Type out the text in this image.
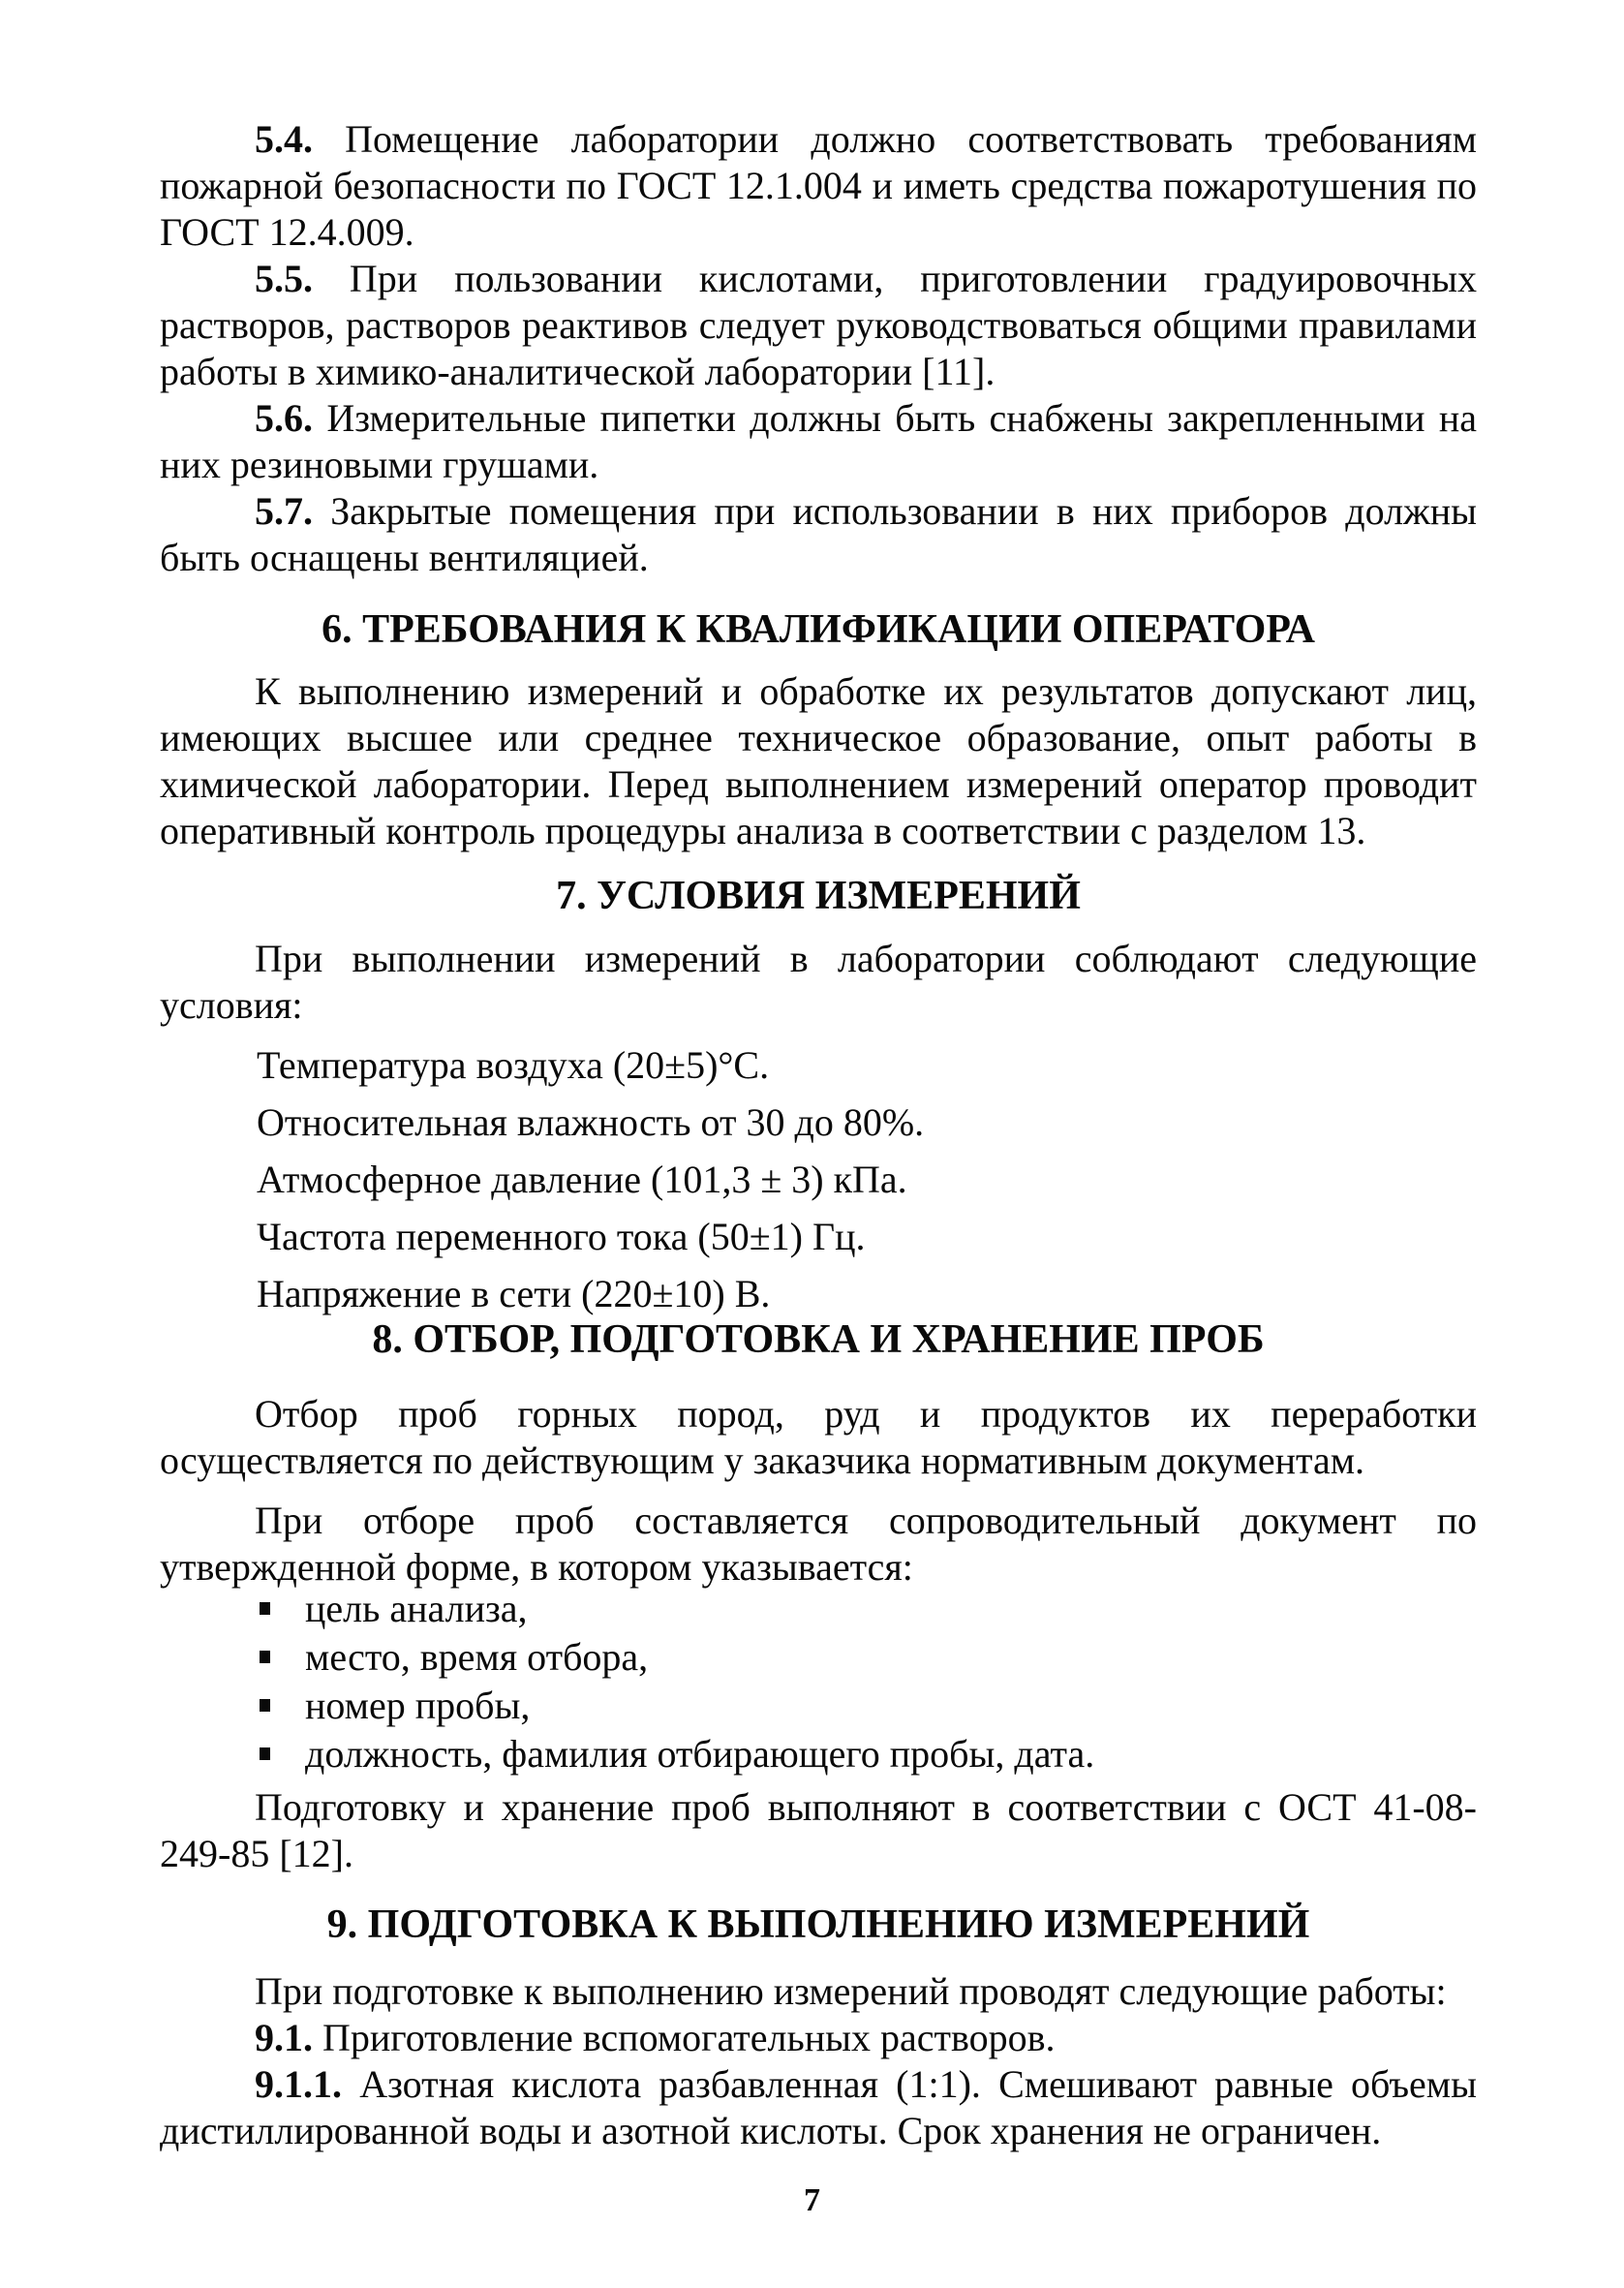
5.4. Помещение лаборатории должно соответствовать требованиям пожарной безопасности по ГОСТ 12.1.004 и иметь средства пожаротушения по ГОСТ 12.4.009.
5.5. При пользовании кислотами, приготовлении градуировочных растворов, растворов реактивов следует руководствоваться общими правилами работы в химико-аналитической лаборатории [11].
5.6. Измерительные пипетки должны быть снабжены закрепленными на них резиновыми грушами.
5.7. Закрытые помещения при использовании в них приборов должны быть оснащены вентиляцией.
6. ТРЕБОВАНИЯ К КВАЛИФИКАЦИИ ОПЕРАТОРА
К выполнению измерений и обработке их результатов допускают лиц, имеющих высшее или среднее техническое образование, опыт работы в химической лаборатории. Перед выполнением измерений оператор проводит оперативный контроль процедуры анализа в соответствии с разделом 13.
7. УСЛОВИЯ ИЗМЕРЕНИЙ
При выполнении измерений в лаборатории соблюдают следующие условия:
Температура воздуха (20±5)°С.
Относительная влажность от 30 до 80%.
Атмосферное давление (101,3 ± 3) кПа.
Частота переменного тока (50±1) Гц.
Напряжение в сети (220±10) В.
8. ОТБОР, ПОДГОТОВКА И ХРАНЕНИЕ ПРОБ
Отбор проб горных пород, руд и продуктов их переработки осуществляется по действующим у заказчика нормативным документам.
При отборе проб составляется сопроводительный документ по утвержденной форме, в котором указывается:
цель анализа,
место, время отбора,
номер пробы,
должность, фамилия отбирающего пробы, дата.
Подготовку и хранение проб выполняют в соответствии с ОСТ 41-08-249-85 [12].
9. ПОДГОТОВКА К ВЫПОЛНЕНИЮ ИЗМЕРЕНИЙ
При подготовке к выполнению измерений проводят следующие работы:
9.1. Приготовление вспомогательных растворов.
9.1.1. Азотная кислота разбавленная (1:1). Смешивают равные объемы дистиллированной воды и азотной кислоты. Срок хранения не ограничен.
7
